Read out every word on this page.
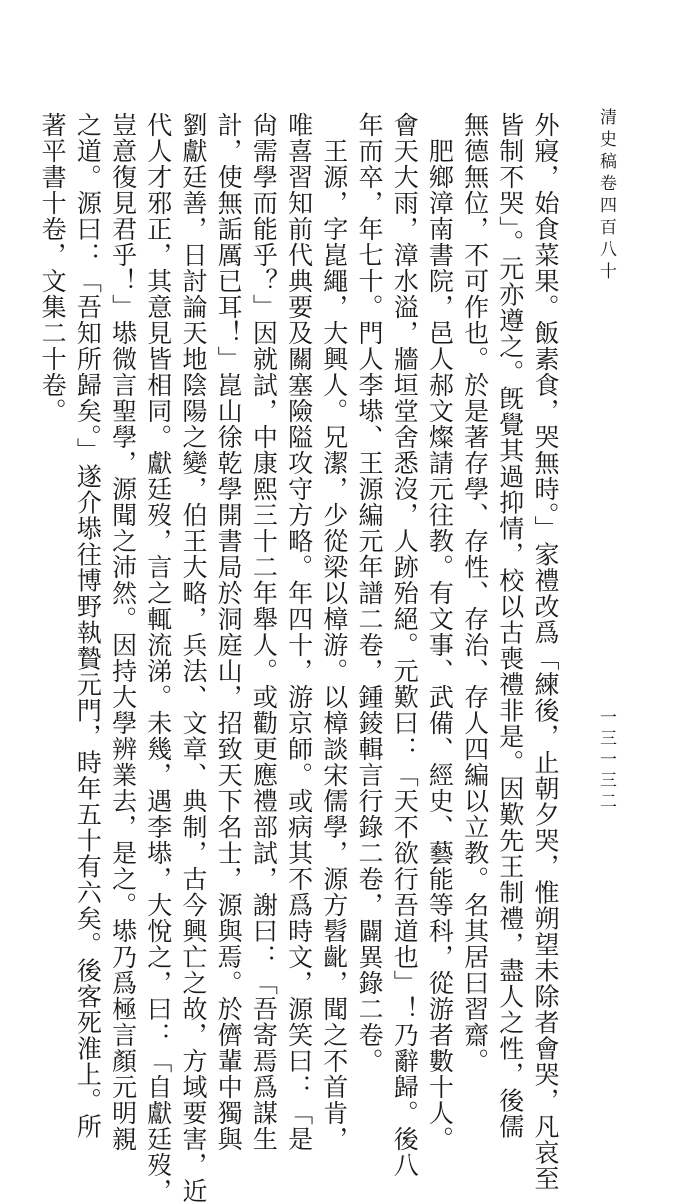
清史稿卷四百八十
一三一三二
外寢，始食菜果。飯素食，哭無時。」家禮改爲「練後，止朝夕哭，惟朔望未除者會哭，凡哀至
皆制不哭」。元亦遵之。旣覺其過抑情，校以古喪禮非是。因歎先王制禮，盡人之性，後儒
無德無位，不可作也。於是著存學、存性、存治、存人四編以立教。名其居曰習齋。
　肥鄉漳南書院，邑人郝文燦請元往教。有文事、武備、經史、藝能等科，從游者數十人。
會天大雨，漳水溢，牆垣堂舍悉沒，人跡殆絕。元歎曰：「天不欲行吾道也」！乃辭歸。後八
年而卒，年七十。門人李塨、王源編元年譜二卷，鍾錂輯言行錄二卷，闢異錄二卷。
　王源，字崑繩，大興人。兄潔，少從梁以樟游。以樟談宋儒學，源方髫齔，聞之不首肯，
唯喜習知前代典要及關塞險隘攻守方略。年四十，游京師。或病其不爲時文，源笑曰：「是
尙需學而能乎？」因就試，中康熙三十二年舉人。或勸更應禮部試，謝曰：「吾寄焉爲謀生
計，使無詬厲已耳！」崑山徐乾學開書局於洞庭山，招致天下名士，源與焉。於儕輩中獨與
劉獻廷善，日討論天地陰陽之變，伯王大略，兵法、文章、典制，古今興亡之故，方域要害，近
代人才邪正，其意見皆相同。獻廷歿，言之輒流涕。未幾，遇李塨，大悅之，曰：「自獻廷歿，
豈意復見君乎！」塨微言聖學，源聞之沛然。因持大學辨業去，是之。塨乃爲極言顏元明親
之道。源曰：「吾知所歸矣。」遂介塨往博野執贄元門，時年五十有六矣。後客死淮上。所
著平書十卷，文集二十卷。
